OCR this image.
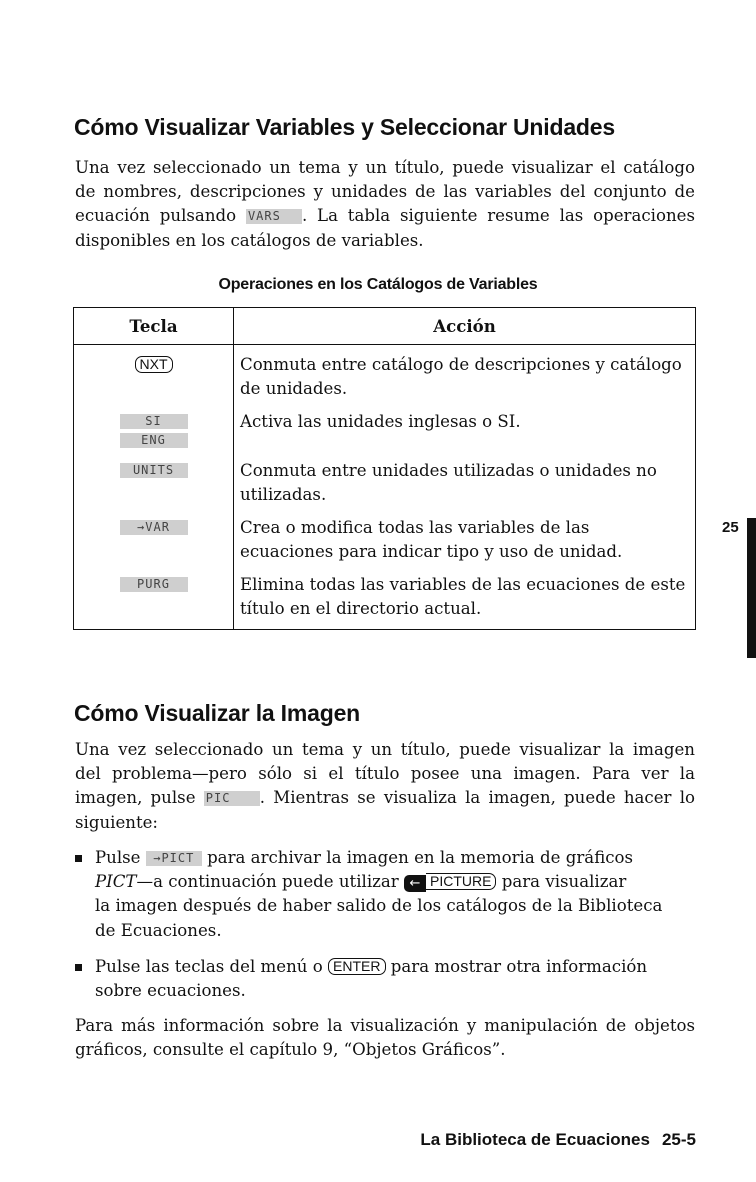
Cómo Visualizar Variables y Seleccionar Unidades
Una vez seleccionado un tema y un título, puede visualizar el catálogo
de nombres, descripciones y unidades de las variables del conjunto de
ecuación pulsando VARS . La tabla siguiente resume las operaciones
disponibles en los catálogos de variables.
Operaciones en los Catálogos de Variables
Tecla	Acción
NXT	Conmuta entre catálogo de descripciones y catálogo
de unidades.

SI
ENG	Activa las unidades inglesas o SI.

UNITS	Conmuta entre unidades utilizadas o unidades no
utilizadas.

→VAR	Crea o modifica todas las variables de las
ecuaciones para indicar tipo y uso de unidad.

PURG	Elimina todas las variables de las ecuaciones de este
título en el directorio actual.
25
Cómo Visualizar la Imagen
Una vez seleccionado un tema y un título, puede visualizar la imagen
del problema—pero sólo si el título posee una imagen. Para ver la
imagen, pulse PIC . Mientras se visualiza la imagen, puede hacer lo
siguiente:
Pulse →PICT para archivar la imagen en la memoria de gráficos
PICT—a continuación puede utilizar ← PICTURE para visualizar
la imagen después de haber salido de los catálogos de la Biblioteca
de Ecuaciones.
Pulse las teclas del menú o ENTER para mostrar otra información
sobre ecuaciones.
Para más información sobre la visualización y manipulación de objetos
gráficos, consulte el capítulo 9, “Objetos Gráficos”.
La Biblioteca de Ecuaciones 25-5
